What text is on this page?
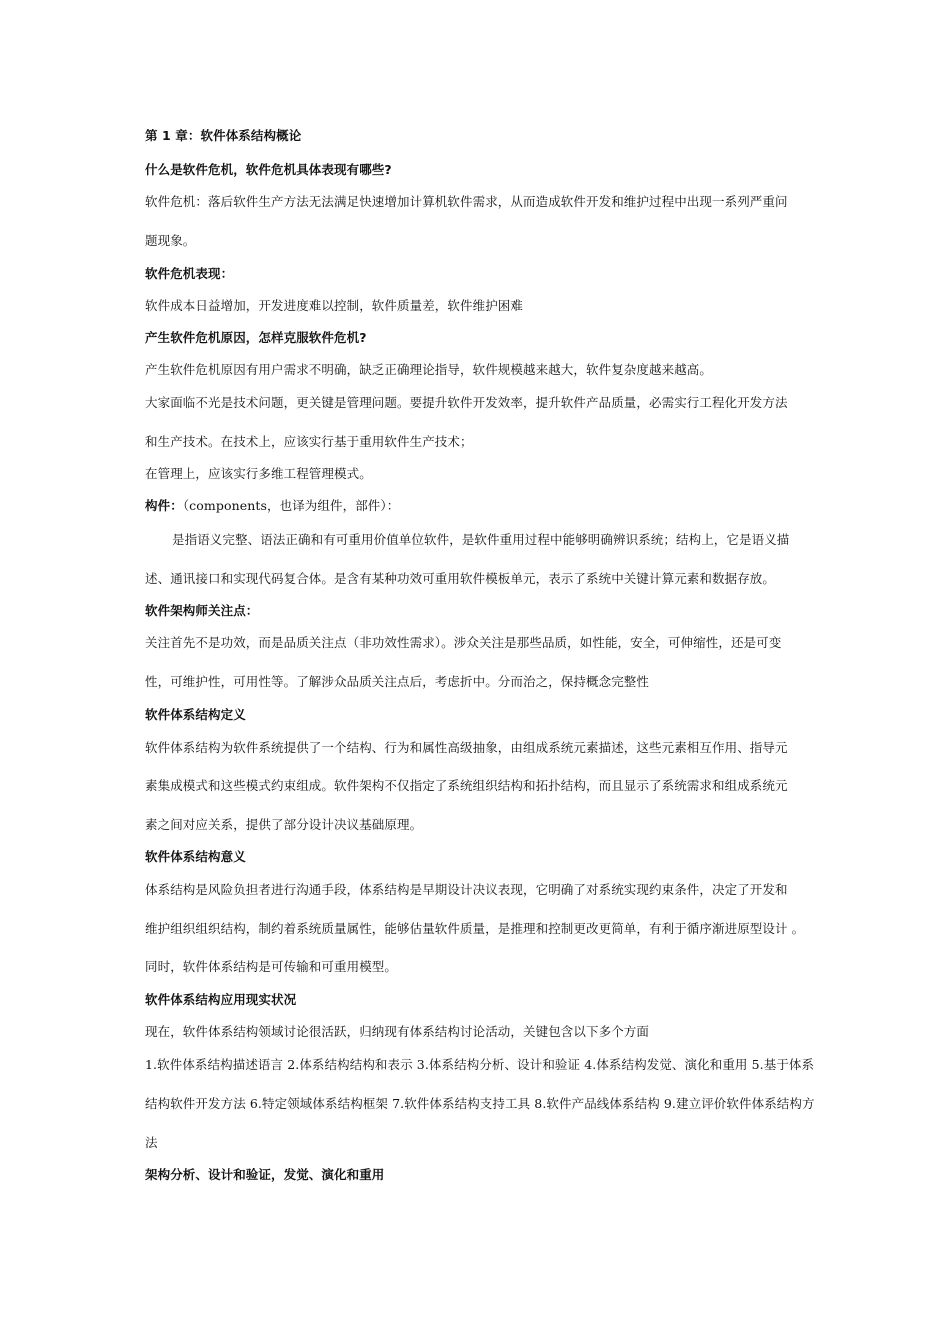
第 1 章：软件体系结构概论
什么是软件危机，软件危机具体表现有哪些?
软件危机：落后软件生产方法无法满足快速增加计算机软件需求，从而造成软件开发和维护过程中出现一系列严重问
题现象。
软件危机表现：
软件成本日益增加，开发进度难以控制，软件质量差，软件维护困难
产生软件危机原因，怎样克服软件危机?
产生软件危机原因有用户需求不明确，缺乏正确理论指导，软件规模越来越大，软件复杂度越来越高。
大家面临不光是技术问题，更关键是管理问题。要提升软件开发效率，提升软件产品质量，必需实行工程化开发方法
和生产技术。在技术上，应该实行基于重用软件生产技术；
在管理上，应该实行多维工程管理模式。
构件：（components，也译为组件，部件）：
是指语义完整、语法正确和有可重用价值单位软件，是软件重用过程中能够明确辨识系统；结构上，它是语义描
述、通讯接口和实现代码复合体。是含有某种功效可重用软件模板单元，表示了系统中关键计算元素和数据存放。
软件架构师关注点：
关注首先不是功效，而是品质关注点（非功效性需求）。涉众关注是那些品质，如性能，安全，可伸缩性，还是可变
性，可维护性，可用性等。了解涉众品质关注点后，考虑折中。分而治之，保持概念完整性
软件体系结构定义
软件体系结构为软件系统提供了一个结构、行为和属性高级抽象，由组成系统元素描述，这些元素相互作用、指导元
素集成模式和这些模式约束组成。软件架构不仅指定了系统组织结构和拓扑结构，而且显示了系统需求和组成系统元
素之间对应关系，提供了部分设计决议基础原理。
软件体系结构意义
体系结构是风险负担者进行沟通手段，体系结构是早期设计决议表现，它明确了对系统实现约束条件，决定了开发和
维护组织组织结构，制约着系统质量属性，能够估量软件质量，是推理和控制更改更简单，有利于循序渐进原型设计 。
同时，软件体系结构是可传输和可重用模型。
软件体系结构应用现实状况
现在，软件体系结构领域讨论很活跃，归纳现有体系结构讨论活动，关键包含以下多个方面
1.软件体系结构描述语言 2.体系结构结构和表示 3.体系结构分析、设计和验证 4.体系结构发觉、演化和重用 5.基于体系
结构软件开发方法 6.特定领域体系结构框架 7.软件体系结构支持工具 8.软件产品线体系结构 9.建立评价软件体系结构方
法
架构分析、设计和验证，发觉、演化和重用
